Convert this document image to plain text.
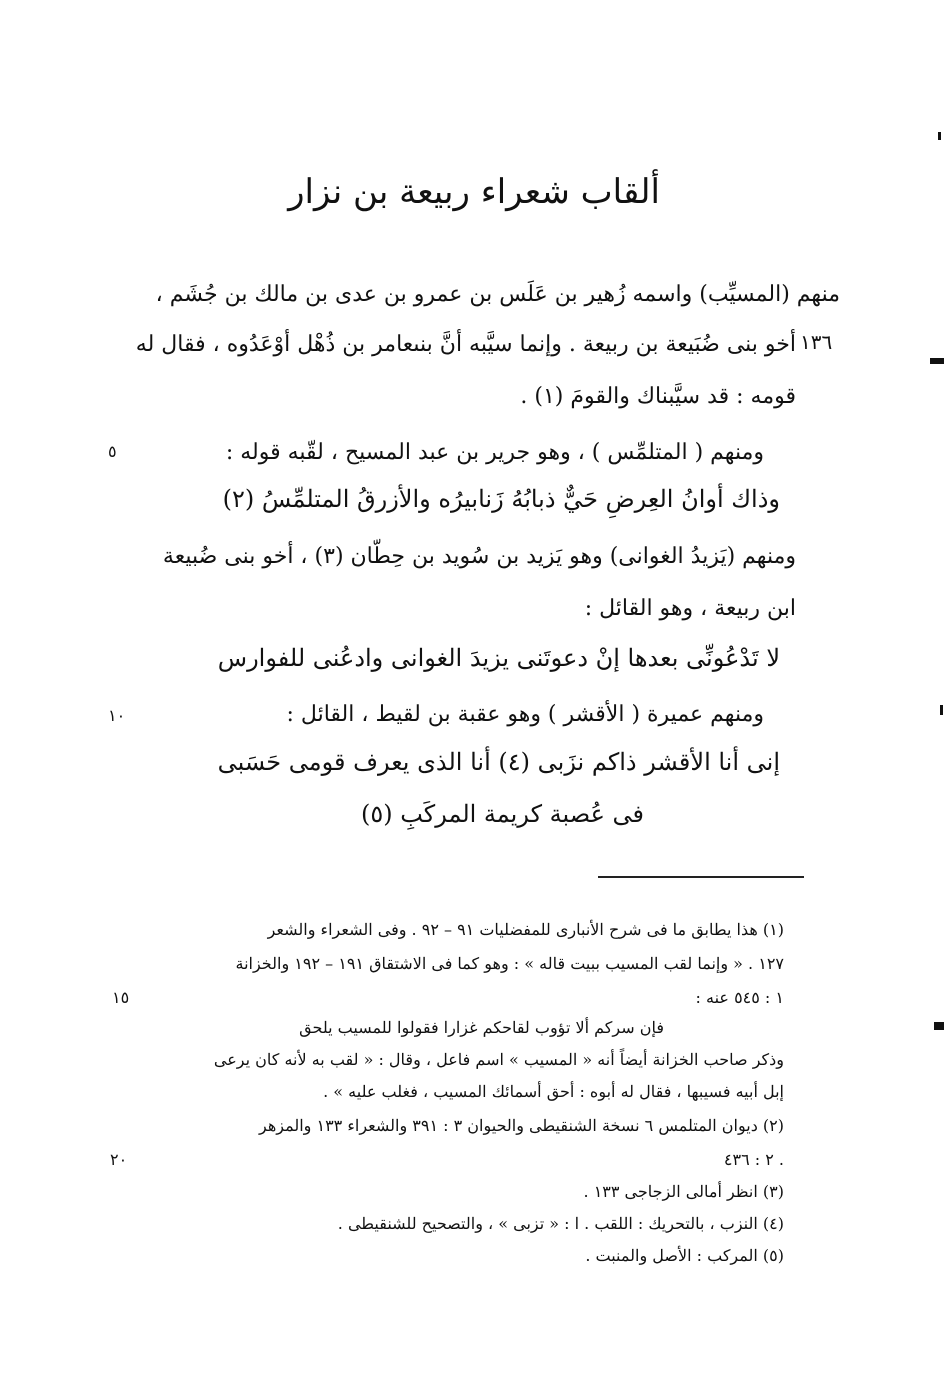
ألقاب شعراء ربيعة بن نزار
١٣٦
منهم (المسيِّب) واسمه زُهير بن عَلَس بن عمرو بن عدى بن مالك بن جُشَم ،
أخو بنى ضُبَيعة بن ربيعة . وإنما سيَّبه أنَّ بنىعامر بن ذُهْل أوْعَدُوه ، فقال له
قومه : قد سيَّبناك والقومَ (١) .
ومنهم ( المتلمِّس ) ، وهو جرير بن عبد المسيح ، لقّبه قوله :
وذاك أوانُ العِرضِ حَيٌّ ذبابُهُ زَنابيرُه والأزرقُ المتلمِّسُ (٢)
ومنهم (يَزيدُ الغوانى) وهو يَزيد بن سُويد بن حِطّان (٣) ، أخو بنى ضُبيعة
ابن ربيعة ، وهو القائل :
لا تَدْعُونِّى بعدها إنْ دعوتَنى يزيدَ الغوانى وادعُنى للفوارس
ومنهم عميرة ( الأقشر ) وهو عقبة بن لقيط ، القائل :
إنى أنا الأقشر ذاكم نزَبى (٤) أنا الذى يعرف قومى حَسَبى
فى عُصبة كريمة المركَبِ (٥)
(١) هذا يطابق ما فى شرح الأنبارى للمفضليات ٩١ – ٩٢ . وفى الشعراء والشعر
١٢٧ . « وإنما لقب المسيب ببيت قاله » : وهو كما فى الاشتقاق ١٩١ – ١٩٢ والخزانة
١ : ٥٤٥ عنه :
فإن سركم ألا تؤوب لقاحكم غزارا فقولوا للمسيب يلحق
وذكر صاحب الخزانة أيضاً أنه « المسيب » اسم فاعل ، وقال : « لقب به لأنه كان يرعى
إبل أبيه فسيبها ، فقال له أبوه : أحق أسمائك المسيب ، فغلب عليه » .
(٢) ديوان المتلمس ٦ نسخة الشنقيطى والحيوان ٣ : ٣٩١ والشعراء ١٣٣ والمزهر
٢ : ٤٣٦ .
(٣) انظر أمالى الزجاجى ١٣٣ .
(٤) النزب ، بالتحريك : اللقب . ا : « تزبى » ، والتصحيح للشنقيطى .
(٥) المركب : الأصل والمنبت .
٥
١٠
١٥
٢٠
